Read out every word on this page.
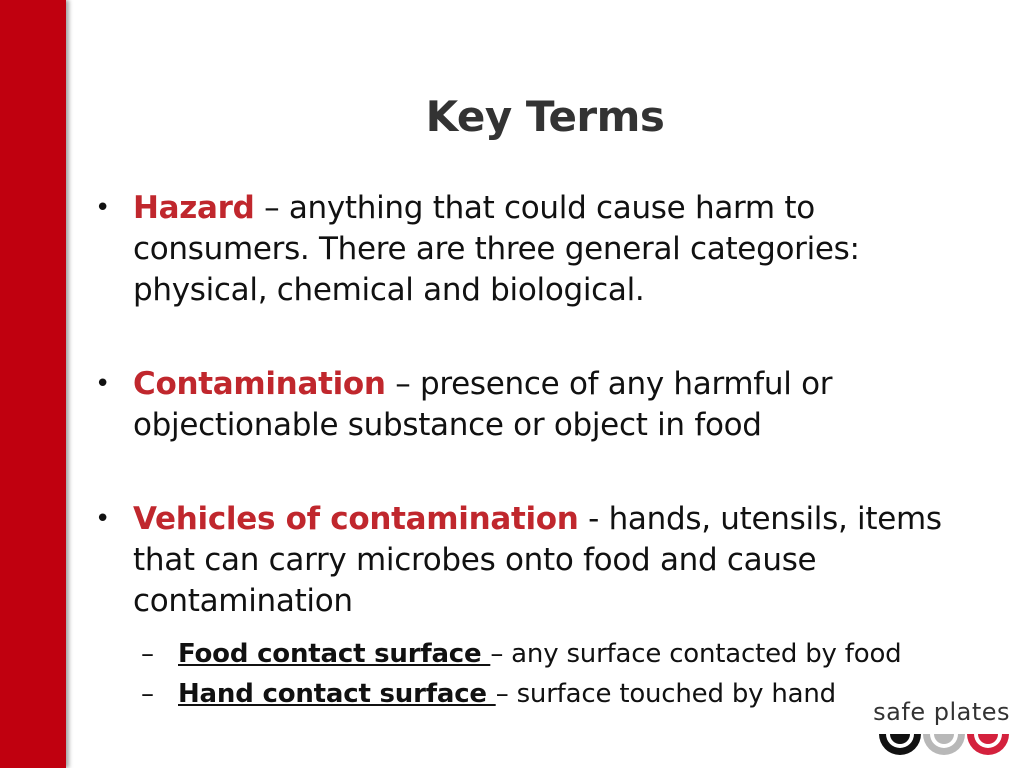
Key Terms
• Hazard – anything that could cause harm to consumers. There are three general categories: physical, chemical and biological.
• Contamination – presence of any harmful or objectionable substance or object in food
• Vehicles of contamination - hands, utensils, items that can carry microbes onto food and cause contamination
– Food contact surface – any surface contacted by food
– Hand contact surface – surface touched by hand
safe plates
